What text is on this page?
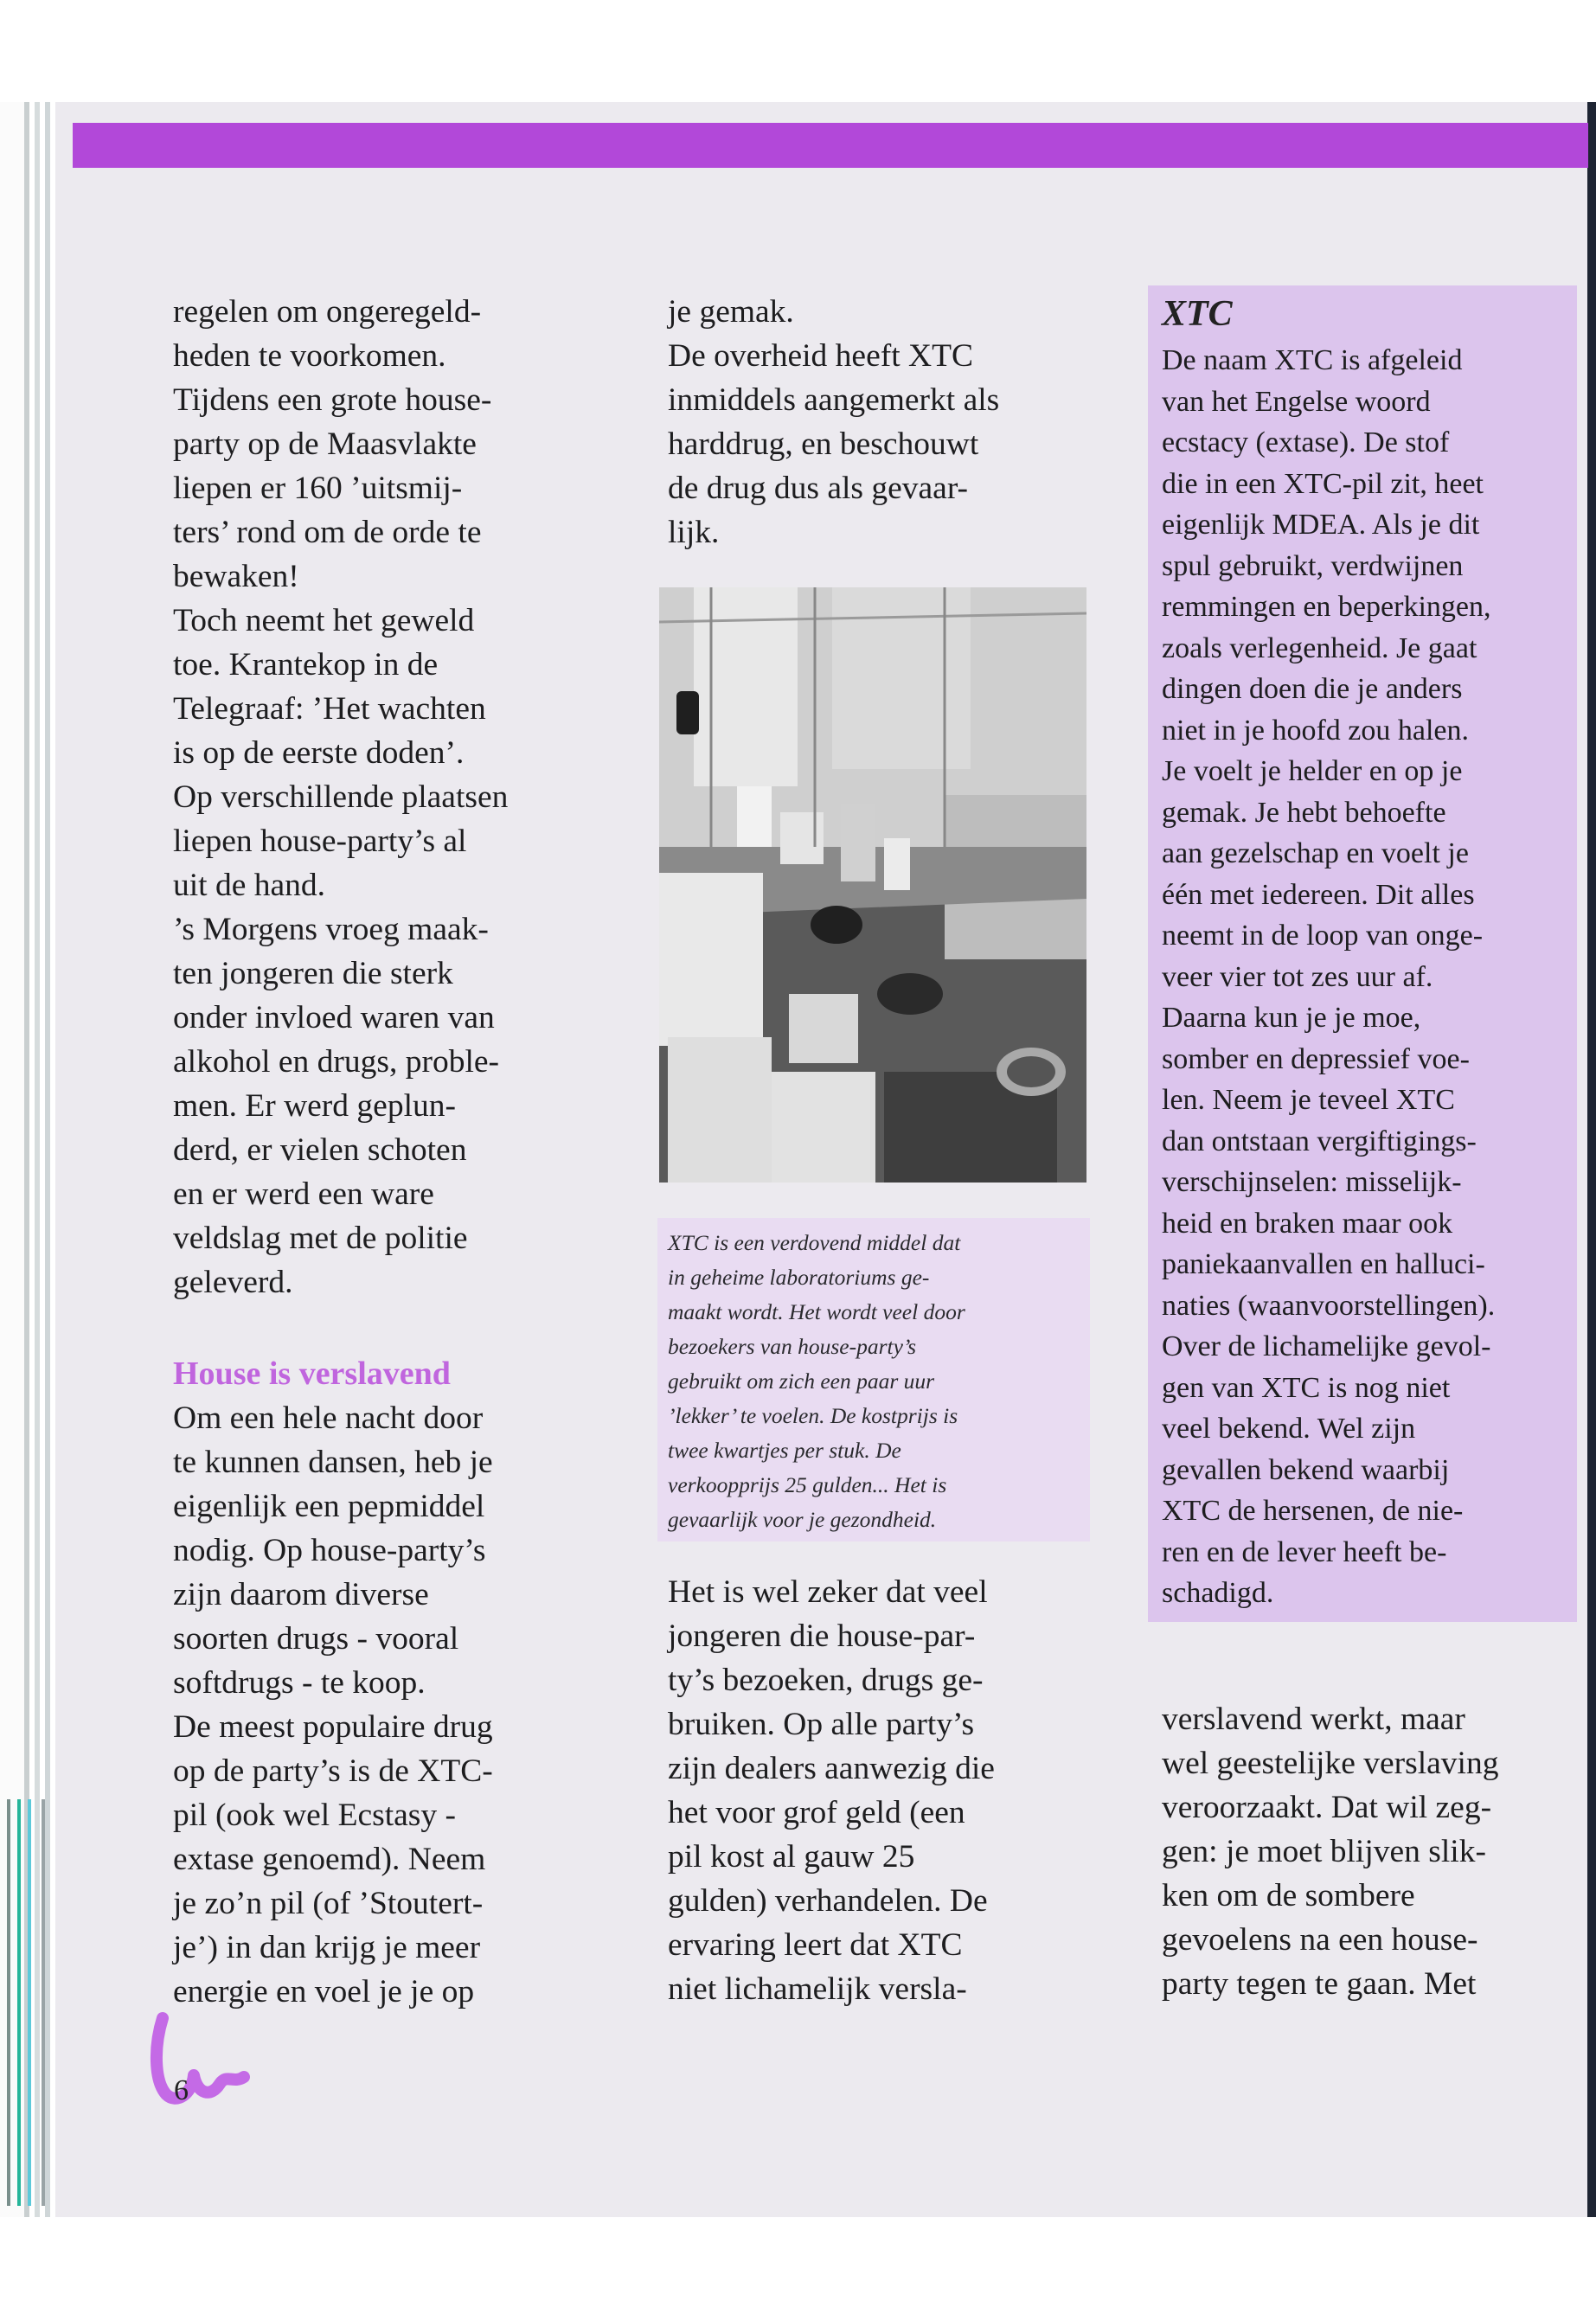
regelen om ongeregeld-
heden te voorkomen.
Tijdens een grote house-
party op de Maasvlakte
liepen er 160 ’uitsmij-
ters’ rond om de orde te
bewaken!
Toch neemt het geweld
toe. Krantekop in de
Telegraaf: ’Het wachten
is op de eerste doden’.
Op verschillende plaatsen
liepen house-party’s al
uit de hand.
’s Morgens vroeg maak-
ten jongeren die sterk
onder invloed waren van
alkohol en drugs, proble-
men. Er werd geplun-
derd, er vielen schoten
en er werd een ware
veldslag met de politie
geleverd.
House is verslavend
Om een hele nacht door
te kunnen dansen, heb je
eigenlijk een pepmiddel
nodig. Op house-party’s
zijn daarom diverse
soorten drugs - vooral
softdrugs - te koop.
De meest populaire drug
op de party’s is de XTC-
pil (ook wel Ecstasy -
extase genoemd). Neem
je zo’n pil (of ’Stoutert-
je’) in dan krijg je meer
energie en voel je je op
je gemak.
De overheid heeft XTC
inmiddels aangemerkt als
harddrug, en beschouwt
de drug dus als gevaar-
lijk.
XTC is een verdovend middel dat
in geheime laboratoriums ge-
maakt wordt. Het wordt veel door
bezoekers van house-party’s
gebruikt om zich een paar uur
’lekker’ te voelen. De kostprijs is
twee kwartjes per stuk. De
verkoopprijs 25 gulden... Het is
gevaarlijk voor je gezondheid.
Het is wel zeker dat veel
jongeren die house-par-
ty’s bezoeken, drugs ge-
bruiken. Op alle party’s
zijn dealers aanwezig die
het voor grof geld (een
pil kost al gauw 25
gulden) verhandelen. De
ervaring leert dat XTC
niet lichamelijk versla-
XTC
De naam XTC is afgeleid
van het Engelse woord
ecstacy (extase). De stof
die in een XTC-pil zit, heet
eigenlijk MDEA. Als je dit
spul gebruikt, verdwijnen
remmingen en beperkingen,
zoals verlegenheid. Je gaat
dingen doen die je anders
niet in je hoofd zou halen.
Je voelt je helder en op je
gemak. Je hebt behoefte
aan gezelschap en voelt je
één met iedereen. Dit alles
neemt in de loop van onge-
veer vier tot zes uur af.
Daarna kun je je moe,
somber en depressief voe-
len. Neem je teveel XTC
dan ontstaan vergiftigings-
verschijnselen: misselijk-
heid en braken maar ook
paniekaanvallen en halluci-
naties (waanvoorstellingen).
Over de lichamelijke gevol-
gen van XTC is nog niet
veel bekend. Wel zijn
gevallen bekend waarbij
XTC de hersenen, de nie-
ren en de lever heeft be-
schadigd.
verslavend werkt, maar
wel geestelijke verslaving
veroorzaakt. Dat wil zeg-
gen: je moet blijven slik-
ken om de sombere
gevoelens na een house-
party tegen te gaan. Met
6
